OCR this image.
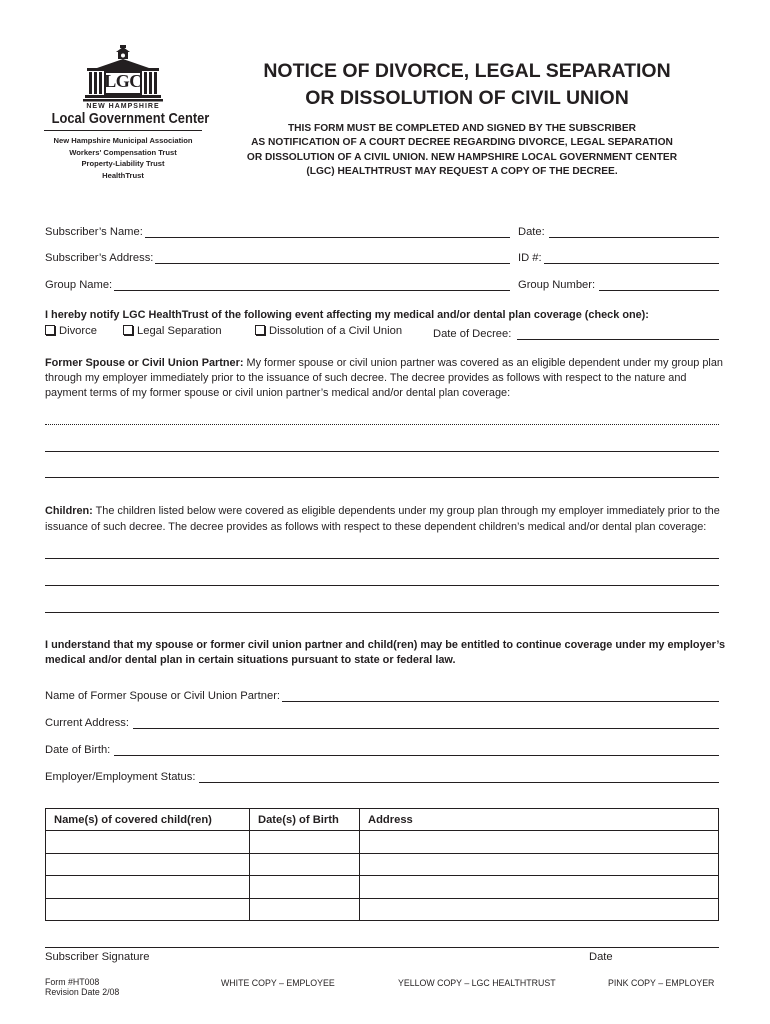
LGC
NEW HAMPSHIRE
Local Government Center
New Hampshire Municipal Association
Workers' Compensation Trust
Property-Liability Trust
HealthTrust
NOTICE OF DIVORCE, LEGAL SEPARATION
OR DISSOLUTION OF CIVIL UNION
THIS FORM MUST BE COMPLETED AND SIGNED BY THE SUBSCRIBER
AS NOTIFICATION OF A COURT DECREE REGARDING DIVORCE, LEGAL SEPARATION
OR DISSOLUTION OF A CIVIL UNION. NEW HAMPSHIRE LOCAL GOVERNMENT CENTER
(LGC) HEALTHTRUST MAY REQUEST A COPY OF THE DECREE.
Subscriber’s Name:	Date:
Subscriber’s Address:	ID #:
Group Name:	Group Number:
I hereby notify LGC HealthTrust of the following event affecting my medical and/or dental plan coverage (check one):
Divorce	Legal Separation	Dissolution of a Civil Union	Date of Decree:
Former Spouse or Civil Union Partner: My former spouse or civil union partner was covered as an eligible dependent under my group plan through my employer immediately prior to the issuance of such decree. The decree provides as follows with respect to the nature and payment terms of my former spouse or civil union partner’s medical and/or dental plan coverage:
Children: The children listed below were covered as eligible dependents under my group plan through my employer immediately prior to the issuance of such decree. The decree provides as follows with respect to these dependent children’s medical and/or dental plan coverage:
I understand that my spouse or former civil union partner and child(ren) may be entitled to continue coverage under my employer’s medical and/or dental plan in certain situations pursuant to state or federal law.
Name of Former Spouse or Civil Union Partner:
Current Address:
Date of Birth:
Employer/Employment Status:
Name(s) of covered child(ren)	Date(s) of Birth	Address

Subscriber Signature	Date
Form #HT008
Revision Date 2/08
WHITE COPY – EMPLOYEE	YELLOW COPY – LGC HEALTHTRUST	PINK COPY – EMPLOYER
